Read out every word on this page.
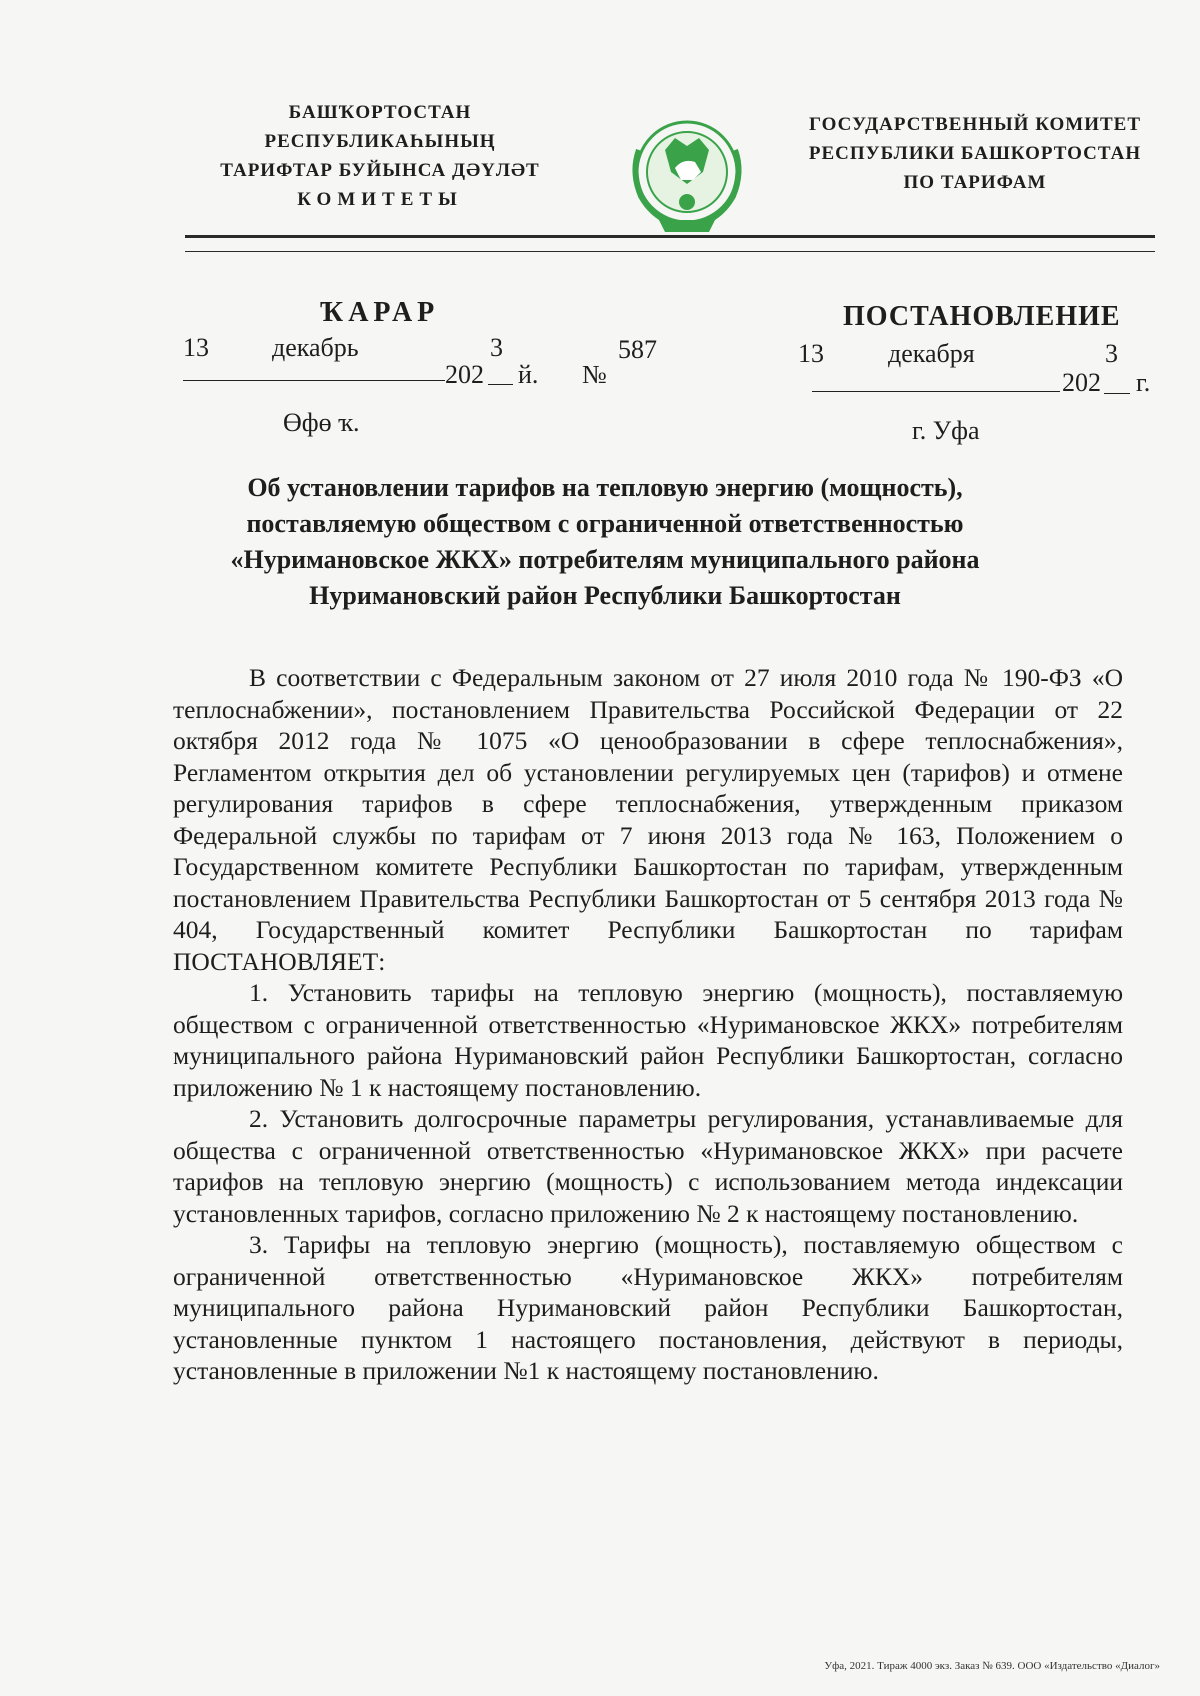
БАШҠОРТОСТАН РЕСПУБЛИКАҺЫНЫҢ
ТАРИФТАР БУЙЫНСА ДӘҮЛӘТ
КОМИТЕТЫ
ГОСУДАРСТВЕННЫЙ КОМИТЕТ
РЕСПУБЛИКИ БАШКОРТОСТАН
ПО ТАРИФАМ
ҠАРАР
13 декабрь	3
202 й. №
587
Өфө ҡ.
ПОСТАНОВЛЕНИЕ
13 декабря	3
202 г.
г. Уфа
Об установлении тарифов на тепловую энергию (мощность),
поставляемую обществом с ограниченной ответственностью
«Нуримановское ЖКХ» потребителям муниципального района
Нуримановский район Республики Башкортостан

В соответствии с Федеральным законом от 27 июля 2010 года № 190-ФЗ «О теплоснабжении», постановлением Правительства Российской Федерации от 22 октября 2012 года № 1075 «О ценообразовании в сфере теплоснабжения», Регламентом открытия дел об установлении регулируемых цен (тарифов) и отмене регулирования тарифов в сфере теплоснабжения, утвержденным приказом Федеральной службы по тарифам от 7 июня 2013 года № 163, Положением о Государственном комитете Республики Башкортостан по тарифам, утвержденным постановлением Правительства Республики Башкортостан от 5 сентября 2013 года № 404, Государственный комитет Республики Башкортостан по тарифам ПОСТАНОВЛЯЕТ:

1. Установить тарифы на тепловую энергию (мощность), поставляемую обществом с ограниченной ответственностью «Нуримановское ЖКХ» потребителям муниципального района Нуримановский район Республики Башкортостан, согласно приложению № 1 к настоящему постановлению.

2. Установить долгосрочные параметры регулирования, устанавливаемые для общества с ограниченной ответственностью «Нуримановское ЖКХ» при расчете тарифов на тепловую энергию (мощность) с использованием метода индексации установленных тарифов, согласно приложению № 2 к настоящему постановлению.

3. Тарифы на тепловую энергию (мощность), поставляемую обществом с ограниченной ответственностью «Нуримановское ЖКХ» потребителям муниципального района Нуримановский район Республики Башкортостан, установленные пунктом 1 настоящего постановления, действуют в периоды, установленные в приложении №1 к настоящему постановлению.

Уфа, 2021. Тираж 4000 экз. Заказ № 639. ООО «Издательство «Диалог»
